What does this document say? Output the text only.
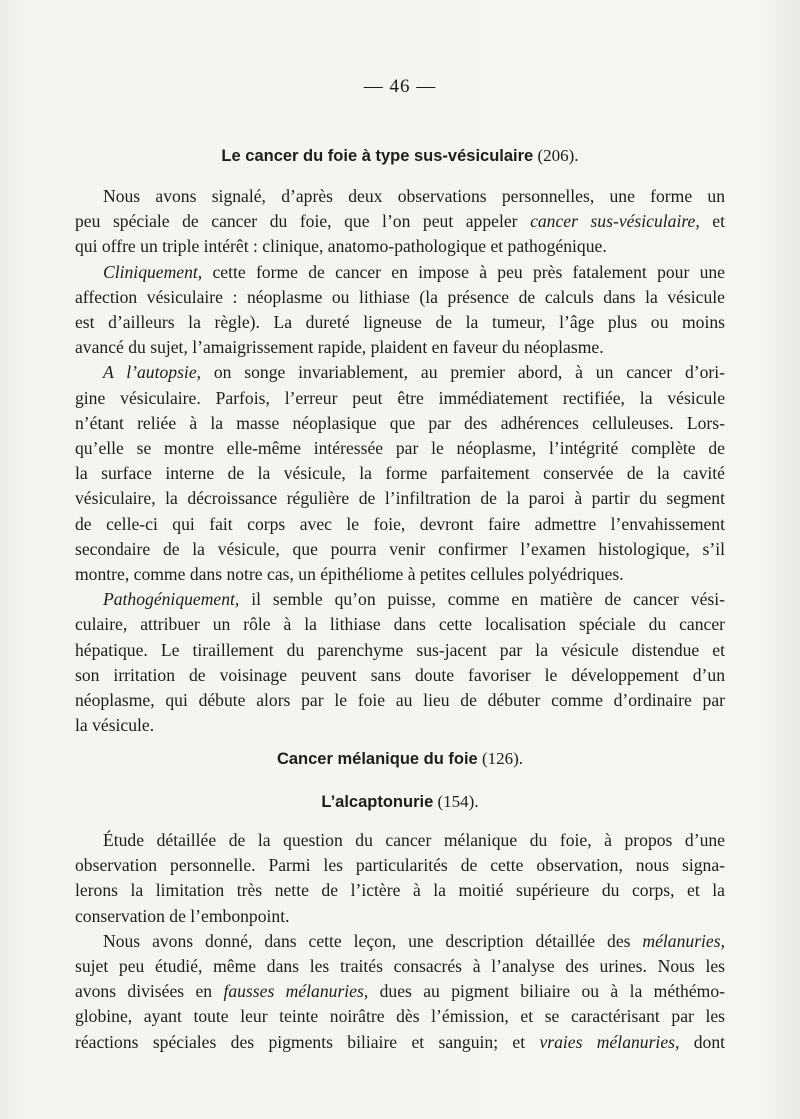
— 46 —
Le cancer du foie à type sus-vésiculaire (206).
Nous avons signalé, d’après deux observations personnelles, une forme un
peu spéciale de cancer du foie, que l’on peut appeler cancer sus-vésiculaire, et
qui offre un triple intérêt : clinique, anatomo-pathologique et pathogénique.
Cliniquement, cette forme de cancer en impose à peu près fatalement pour une
affection vésiculaire : néoplasme ou lithiase (la présence de calculs dans la vésicule
est d’ailleurs la règle). La dureté ligneuse de la tumeur, l’âge plus ou moins
avancé du sujet, l’amaigrissement rapide, plaident en faveur du néoplasme.
A l’autopsie, on songe invariablement, au premier abord, à un cancer d’ori-
gine vésiculaire. Parfois, l’erreur peut être immédiatement rectifiée, la vésicule
n’étant reliée à la masse néoplasique que par des adhérences celluleuses. Lors-
qu’elle se montre elle-même intéressée par le néoplasme, l’intégrité complète de
la surface interne de la vésicule, la forme parfaitement conservée de la cavité
vésiculaire, la décroissance régulière de l’infiltration de la paroi à partir du segment
de celle-ci qui fait corps avec le foie, devront faire admettre l’envahissement
secondaire de la vésicule, que pourra venir confirmer l’examen histologique, s’il
montre, comme dans notre cas, un épithéliome à petites cellules polyédriques.
Pathogéniquement, il semble qu’on puisse, comme en matière de cancer vési-
culaire, attribuer un rôle à la lithiase dans cette localisation spéciale du cancer
hépatique. Le tiraillement du parenchyme sus-jacent par la vésicule distendue et
son irritation de voisinage peuvent sans doute favoriser le développement d’un
néoplasme, qui débute alors par le foie au lieu de débuter comme d’ordinaire par
la vésicule.
Cancer mélanique du foie (126).
L’alcaptonurie (154).
Étude détaillée de la question du cancer mélanique du foie, à propos d’une
observation personnelle. Parmi les particularités de cette observation, nous signa-
lerons la limitation très nette de l’ictère à la moitié supérieure du corps, et la
conservation de l’embonpoint.
Nous avons donné, dans cette leçon, une description détaillée des mélanuries,
sujet peu étudié, même dans les traités consacrés à l’analyse des urines. Nous les
avons divisées en fausses mélanuries, dues au pigment biliaire ou à la méthémo-
globine, ayant toute leur teinte noirâtre dès l’émission, et se caractérisant par les
réactions spéciales des pigments biliaire et sanguin; et vraies mélanuries, dont
